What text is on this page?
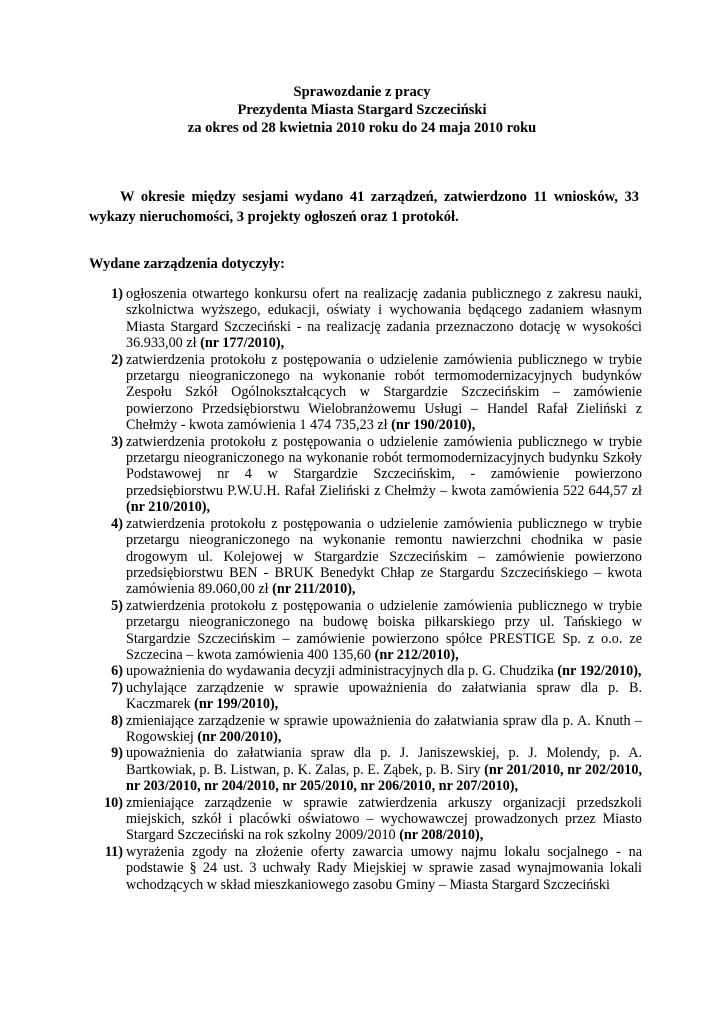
Sprawozdanie z pracy
Prezydenta Miasta Stargard Szczeciński
za okres od 28 kwietnia 2010 roku do 24 maja 2010 roku

W okresie między sesjami wydano 41 zarządzeń, zatwierdzono 11 wniosków, 33 wykazy nieruchomości, 3 projekty ogłoszeń oraz 1 protokół.

Wydane zarządzenia dotyczyły:

1) ogłoszenia otwartego konkursu ofert na realizację zadania publicznego z zakresu nauki, szkolnictwa wyższego, edukacji, oświaty i wychowania będącego zadaniem własnym Miasta Stargard Szczeciński - na realizację zadania przeznaczono dotację w wysokości 36.933,00 zł (nr 177/2010),
2) zatwierdzenia protokołu z postępowania o udzielenie zamówienia publicznego w trybie przetargu nieograniczonego na wykonanie robót termomodernizacyjnych budynków Zespołu Szkół Ogólnokształcących w Stargardzie Szczecińskim – zamówienie powierzono Przedsiębiorstwu Wielobranżowemu Usługi – Handel Rafał Zieliński z Chełmży - kwota zamówienia 1 474 735,23 zł (nr 190/2010),
3) zatwierdzenia protokołu z postępowania o udzielenie zamówienia publicznego w trybie przetargu nieograniczonego na wykonanie robót termomodernizacyjnych budynku Szkoły Podstawowej nr 4 w Stargardzie Szczecińskim, - zamówienie powierzono przedsiębiorstwu P.W.U.H. Rafał Zieliński z Chełmży – kwota zamówienia 522 644,57 zł (nr 210/2010),
4) zatwierdzenia protokołu z postępowania o udzielenie zamówienia publicznego w trybie przetargu nieograniczonego na wykonanie remontu nawierzchni chodnika w pasie drogowym ul. Kolejowej w Stargardzie Szczecińskim – zamówienie powierzono przedsiębiorstwu BEN - BRUK Benedykt Chłap ze Stargardu Szczecińskiego – kwota zamówienia 89.060,00 zł (nr 211/2010),
5) zatwierdzenia protokołu z postępowania o udzielenie zamówienia publicznego w trybie przetargu nieograniczonego na budowę boiska piłkarskiego przy ul. Tańskiego w Stargardzie Szczecińskim – zamówienie powierzono spółce PRESTIGE Sp. z o.o. ze Szczecina – kwota zamówienia 400 135,60 (nr 212/2010),
6) upoważnienia do wydawania decyzji administracyjnych dla p. G. Chudzika (nr 192/2010),
7) uchylające zarządzenie w sprawie upoważnienia do załatwiania spraw dla p. B. Kaczmarek (nr 199/2010),
8) zmieniające zarządzenie w sprawie upoważnienia do załatwiania spraw dla p. A. Knuth – Rogowskiej (nr 200/2010),
9) upoważnienia do załatwiania spraw dla p. J. Janiszewskiej, p. J. Molendy, p. A. Bartkowiak, p. B. Listwan, p. K. Zalas, p. E. Ząbek, p. B. Siry (nr 201/2010, nr 202/2010, nr 203/2010, nr 204/2010, nr 205/2010, nr 206/2010, nr 207/2010),
10) zmieniające zarządzenie w sprawie zatwierdzenia arkuszy organizacji przedszkoli miejskich, szkół i placówki oświatowo – wychowawczej prowadzonych przez Miasto Stargard Szczeciński na rok szkolny 2009/2010 (nr 208/2010),
11) wyrażenia zgody na złożenie oferty zawarcia umowy najmu lokalu socjalnego - na podstawie § 24 ust. 3 uchwały Rady Miejskiej w sprawie zasad wynajmowania lokali wchodzących w skład mieszkaniowego zasobu Gminy – Miasta Stargard Szczeciński
